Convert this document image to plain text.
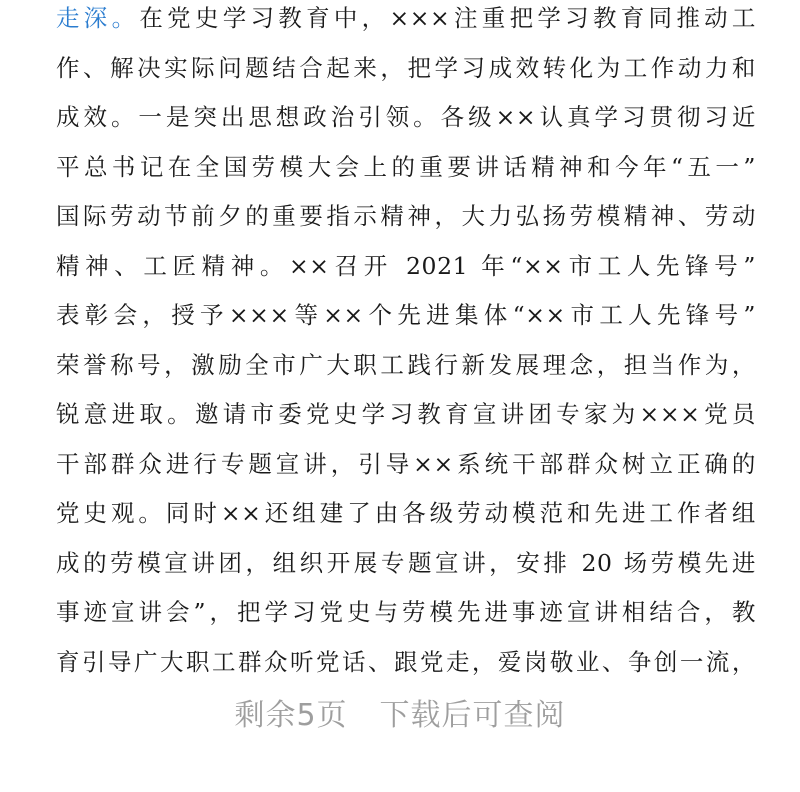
走深。在党史学习教育中，×××注重把学习教育同推动工
作、解决实际问题结合起来，把学习成效转化为工作动力和
成效。一是突出思想政治引领。各级××认真学习贯彻习近
平总书记在全国劳模大会上的重要讲话精神和今年“五一”
国际劳动节前夕的重要指示精神，大力弘扬劳模精神、劳动
精神、工匠精神。××召开 2021 年“××市工人先锋号”
表彰会，授予×××等××个先进集体“××市工人先锋号”
荣誉称号，激励全市广大职工践行新发展理念，担当作为，
锐意进取。邀请市委党史学习教育宣讲团专家为×××党员
干部群众进行专题宣讲，引导××系统干部群众树立正确的
党史观。同时××还组建了由各级劳动模范和先进工作者组
成的劳模宣讲团，组织开展专题宣讲，安排 20 场劳模先进
事迹宣讲会”，把学习党史与劳模先进事迹宣讲相结合，教
育引导广大职工群众听党话、跟党走，爱岗敬业、争创一流，
剩余5页 下载后可查阅
